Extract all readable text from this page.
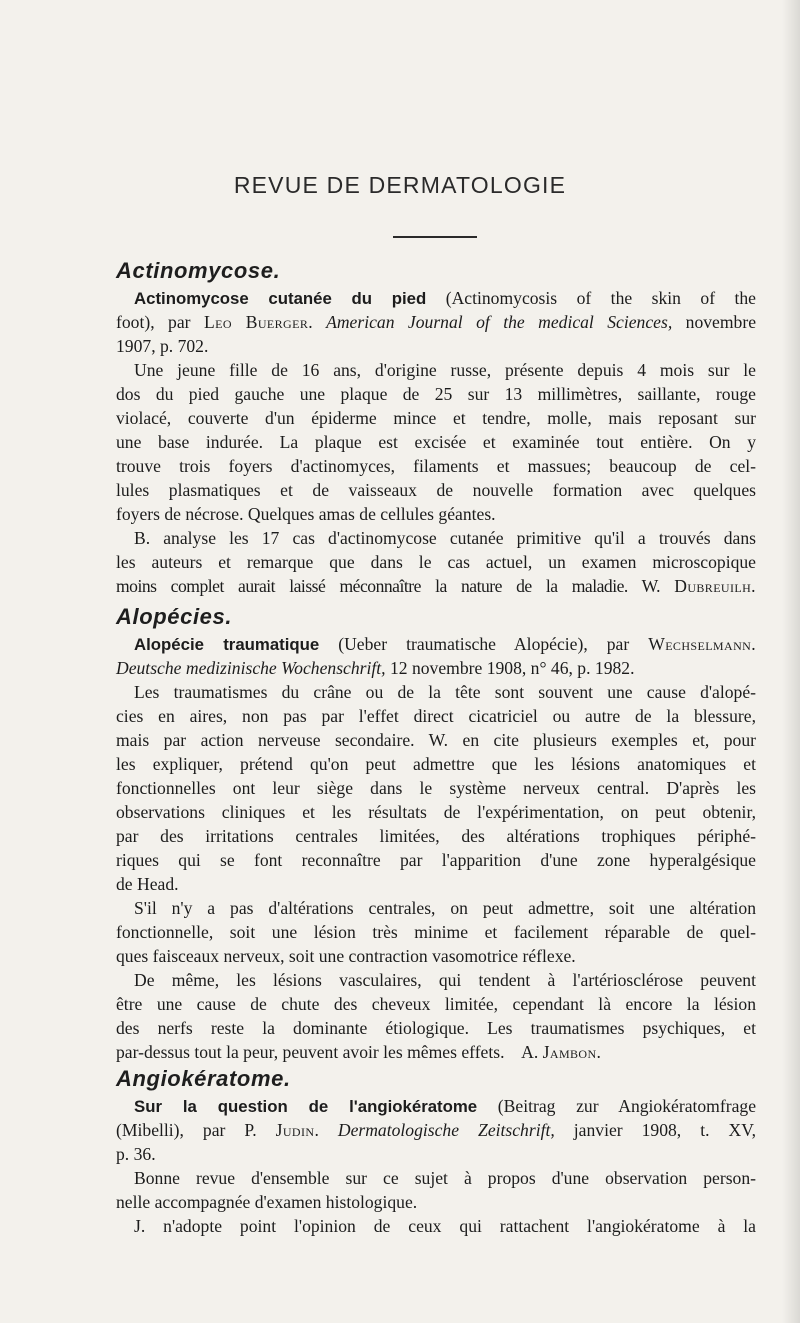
REVUE DE DERMATOLOGIE
Actinomycose.
Actinomycose cutanée du pied (Actinomycosis of the skin of the
foot), par Leo Buerger. American Journal of the medical Sciences, novembre
1907, p. 702.
Une jeune fille de 16 ans, d'origine russe, présente depuis 4 mois sur le
dos du pied gauche une plaque de 25 sur 13 millimètres, saillante, rouge
violacé, couverte d'un épiderme mince et tendre, molle, mais reposant sur
une base indurée. La plaque est excisée et examinée tout entière. On y
trouve trois foyers d'actinomyces, filaments et massues; beaucoup de cel-
lules plasmatiques et de vaisseaux de nouvelle formation avec quelques
foyers de nécrose. Quelques amas de cellules géantes.
B. analyse les 17 cas d'actinomycose cutanée primitive qu'il a trouvés dans
les auteurs et remarque que dans le cas actuel, un examen microscopique
moins complet aurait laissé méconnaître la nature de la maladie. W. Dubreuilh.
Alopécies.
Alopécie traumatique (Ueber traumatische Alopécie), par Wechselmann.
Deutsche medizinische Wochenschrift, 12 novembre 1908, n° 46, p. 1982.
Les traumatismes du crâne ou de la tête sont souvent une cause d'alopé-
cies en aires, non pas par l'effet direct cicatriciel ou autre de la blessure,
mais par action nerveuse secondaire. W. en cite plusieurs exemples et, pour
les expliquer, prétend qu'on peut admettre que les lésions anatomiques et
fonctionnelles ont leur siège dans le système nerveux central. D'après les
observations cliniques et les résultats de l'expérimentation, on peut obtenir,
par des irritations centrales limitées, des altérations trophiques périphé-
riques qui se font reconnaître par l'apparition d'une zone hyperalgésique
de Head.
S'il n'y a pas d'altérations centrales, on peut admettre, soit une altération
fonctionnelle, soit une lésion très minime et facilement réparable de quel-
ques faisceaux nerveux, soit une contraction vasomotrice réflexe.
De même, les lésions vasculaires, qui tendent à l'artériosclérose peuvent
être une cause de chute des cheveux limitée, cependant là encore la lésion
des nerfs reste la dominante étiologique. Les traumatismes psychiques, et
par-dessus tout la peur, peuvent avoir les mêmes effets.    A. Jambon.
Angiokératome.
Sur la question de l'angiokératome (Beitrag zur Angiokératomfrage
(Mibelli), par P. Judin. Dermatologische Zeitschrift, janvier 1908, t. XV,
p. 36.
Bonne revue d'ensemble sur ce sujet à propos d'une observation person-
nelle accompagnée d'examen histologique.
J. n'adopte point l'opinion de ceux qui rattachent l'angiokératome à la
